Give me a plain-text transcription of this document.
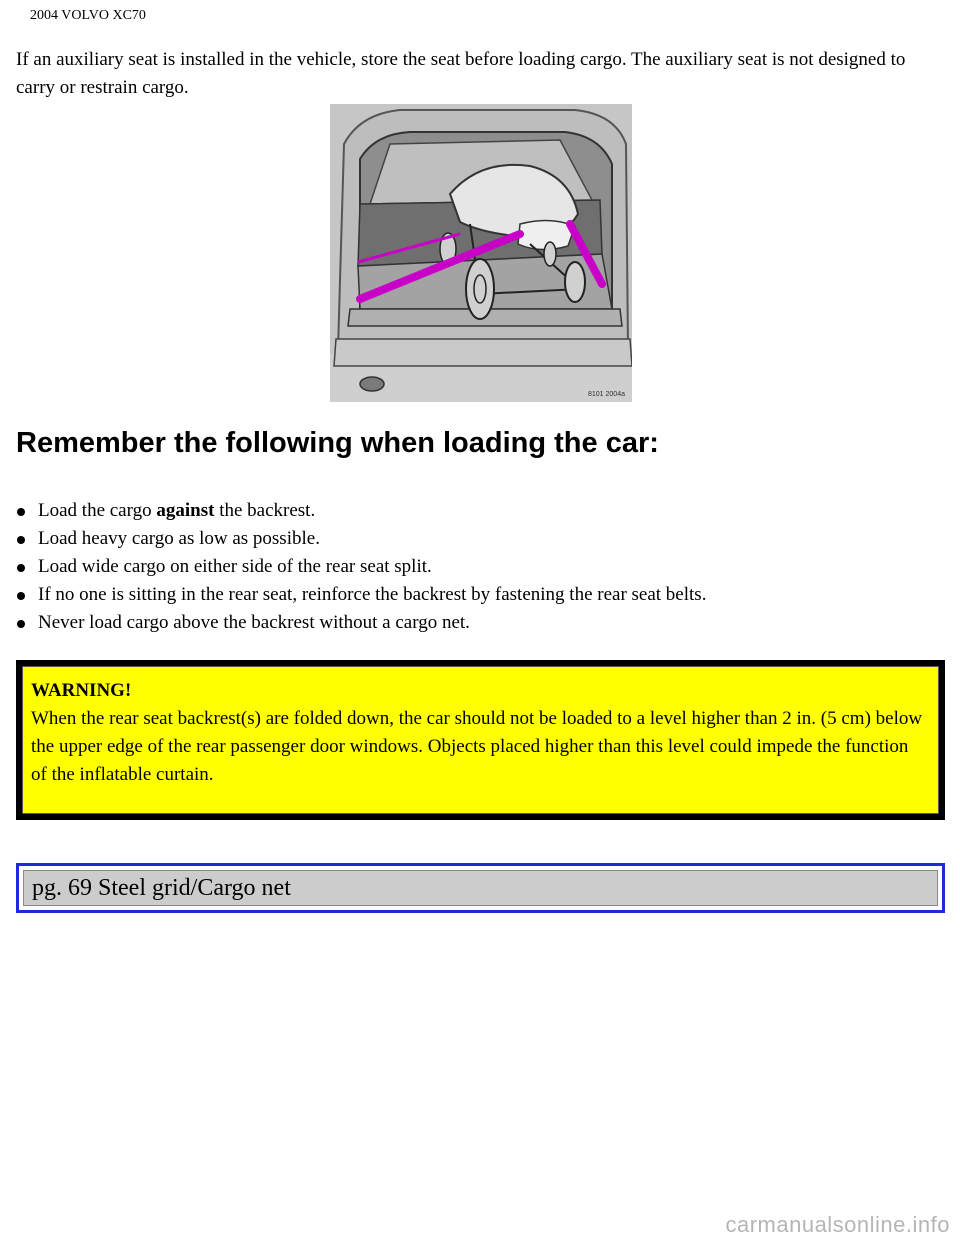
2004 VOLVO XC70
If an auxiliary seat is installed in the vehicle, store the seat before loading cargo. The auxiliary seat is not designed to carry or restrain cargo.
8101 2004a
Remember the following when loading the car:
Load the cargo against the backrest.
Load heavy cargo as low as possible.
Load wide cargo on either side of the rear seat split.
If no one is sitting in the rear seat, reinforce the backrest by fastening the rear seat belts.
Never load cargo above the backrest without a cargo net.
WARNING!
When the rear seat backrest(s) are folded down, the car should not be loaded to a level higher than 2 in. (5 cm) below the upper edge of the rear passenger door windows. Objects placed higher than this level could impede the function of the inflatable curtain.
pg. 69 Steel grid/Cargo net
carmanualsonline.info
